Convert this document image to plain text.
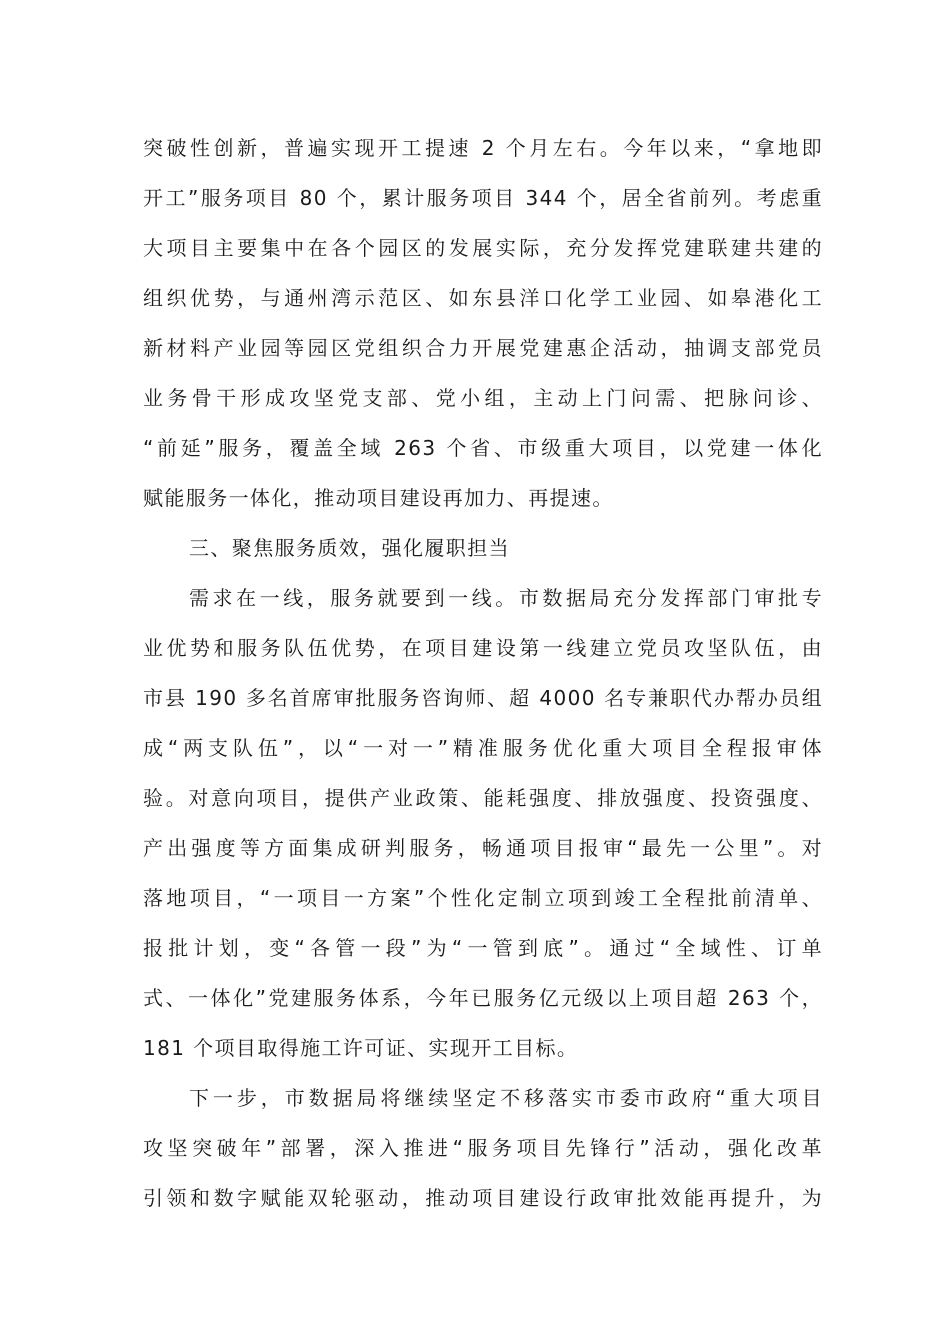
突破性创新，普遍实现开工提速 2 个月左右。今年以来，“拿地即
开工”服务项目 80 个，累计服务项目 344 个，居全省前列。考虑重
大项目主要集中在各个园区的发展实际，充分发挥党建联建共建的
组织优势，与通州湾示范区、如东县洋口化学工业园、如皋港化工
新材料产业园等园区党组织合力开展党建惠企活动，抽调支部党员
业务骨干形成攻坚党支部、党小组，主动上门问需、把脉问诊、
“前延”服务，覆盖全域 263 个省、市级重大项目，以党建一体化
赋能服务一体化，推动项目建设再加力、再提速。
三、聚焦服务质效，强化履职担当
需求在一线，服务就要到一线。市数据局充分发挥部门审批专
业优势和服务队伍优势，在项目建设第一线建立党员攻坚队伍，由
市县 190 多名首席审批服务咨询师、超 4000 名专兼职代办帮办员组
成“两支队伍”，以“一对一”精准服务优化重大项目全程报审体
验。对意向项目，提供产业政策、能耗强度、排放强度、投资强度、
产出强度等方面集成研判服务，畅通项目报审“最先一公里”。对
落地项目，“一项目一方案”个性化定制立项到竣工全程批前清单、
报批计划，变“各管一段”为“一管到底”。通过“全域性、订单
式、一体化”党建服务体系，今年已服务亿元级以上项目超 263 个，
181 个项目取得施工许可证、实现开工目标。
下一步，市数据局将继续坚定不移落实市委市政府“重大项目
攻坚突破年”部署，深入推进“服务项目先锋行”活动，强化改革
引领和数字赋能双轮驱动，推动项目建设行政审批效能再提升，为
